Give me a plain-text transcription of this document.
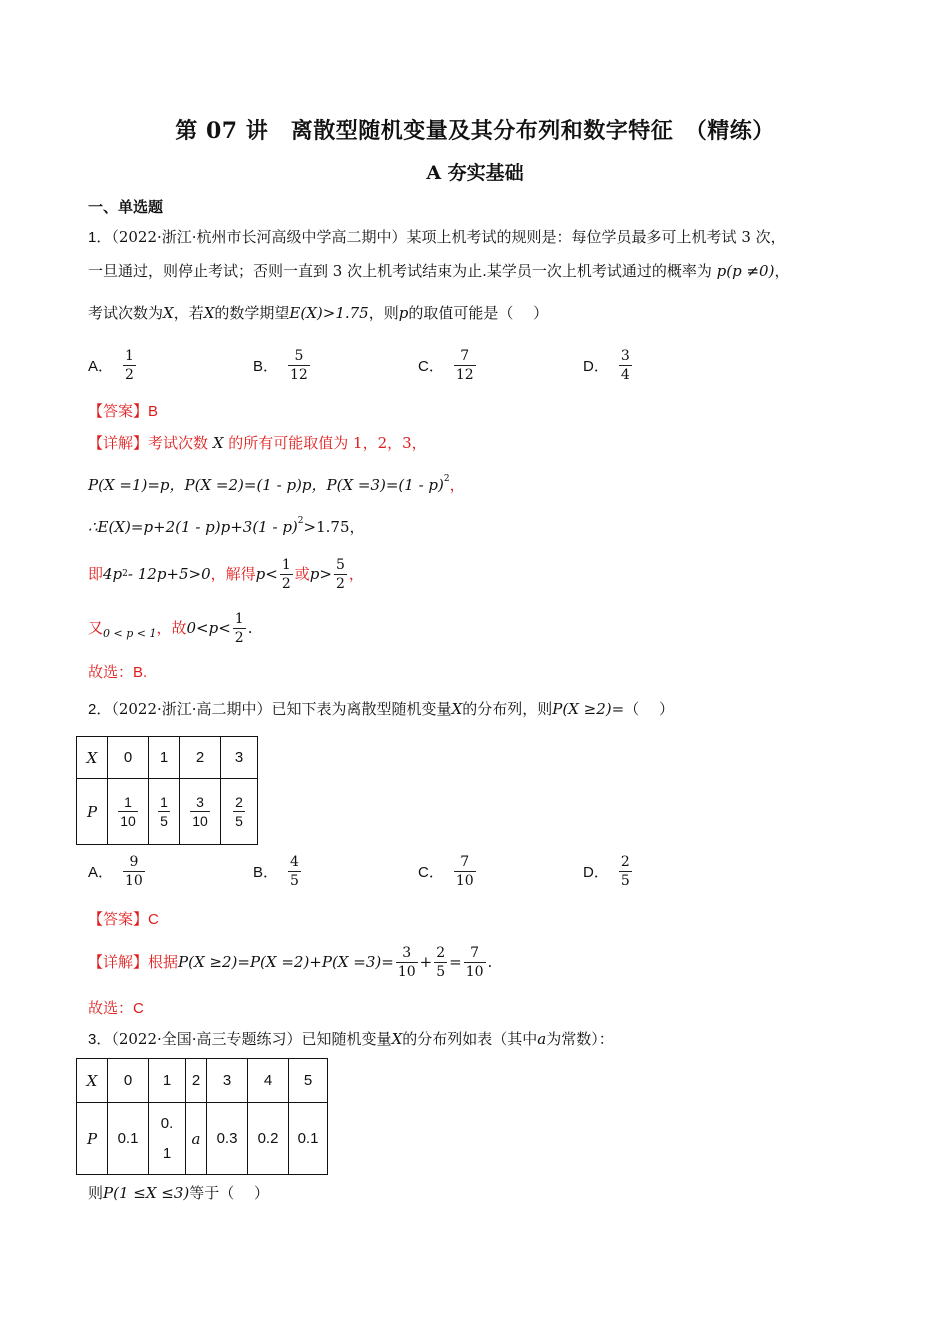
第 07 讲　离散型随机变量及其分布列和数字特征　（精练）
A 夯实基础
一、单选题
1．（2022·浙江·杭州市长河高级中学高二期中）某项上机考试的规则是：每位学员最多可上机考试 3 次，
一旦通过，则停止考试；否则一直到 3 次上机考试结束为止.某学员一次上机考试通过的概率为 p(p ≠0)，
考试次数为X，若X的数学期望E(X)>1.75，则p的取值可能是（　 ）
A． $\frac{1}{2}$	B． $\frac{5}{12}$	C． $\frac{7}{12}$	D． $\frac{3}{4}$
【答案】B
【详解】考试次数 X 的所有可能取值为 1，2，3，
P(X =1)=p，P(X =2)=(1 - p)p，P(X =3)=(1 - p)$^2$，
∴E(X)=p+2(1 - p)p+3(1 - p)$^2$>1.75，
即 4p 2 - 12p+5>0 ，解得 $p< \frac{1}{2}$ 或 $p> \frac{5}{2}$ ，
又 0 < p < 1 ，故 $0<p< \frac{1}{2}$ .
故选：B.
2．（2022·浙江·高二期中）已知下表为离散型随机变量X的分布列，则P(X ≥2)=（　 ）
X	0	1	2	3
P	$\frac{1}{10}$	$\frac{1}{5}$	$\frac{3}{10}$	$\frac{2}{5}$
A． $\frac{9}{10}$	B． $\frac{4}{5}$	C． $\frac{7}{10}$	D． $\frac{2}{5}$
【答案】C
【详解】 根据 $P(X \ge 2)=P(X =2)+P(X =3)= \frac{3}{10} + \frac{2}{5} = \frac{7}{10}$ .
故选：C
3．（2022·全国·高三专题练习）已知随机变量X的分布列如表（其中a为常数）：
X	0	1	2	3	4	5
P	0.1	0.1	a	0.3	0.2	0.1
则P(1 ≤X ≤3)等于（　 ）
